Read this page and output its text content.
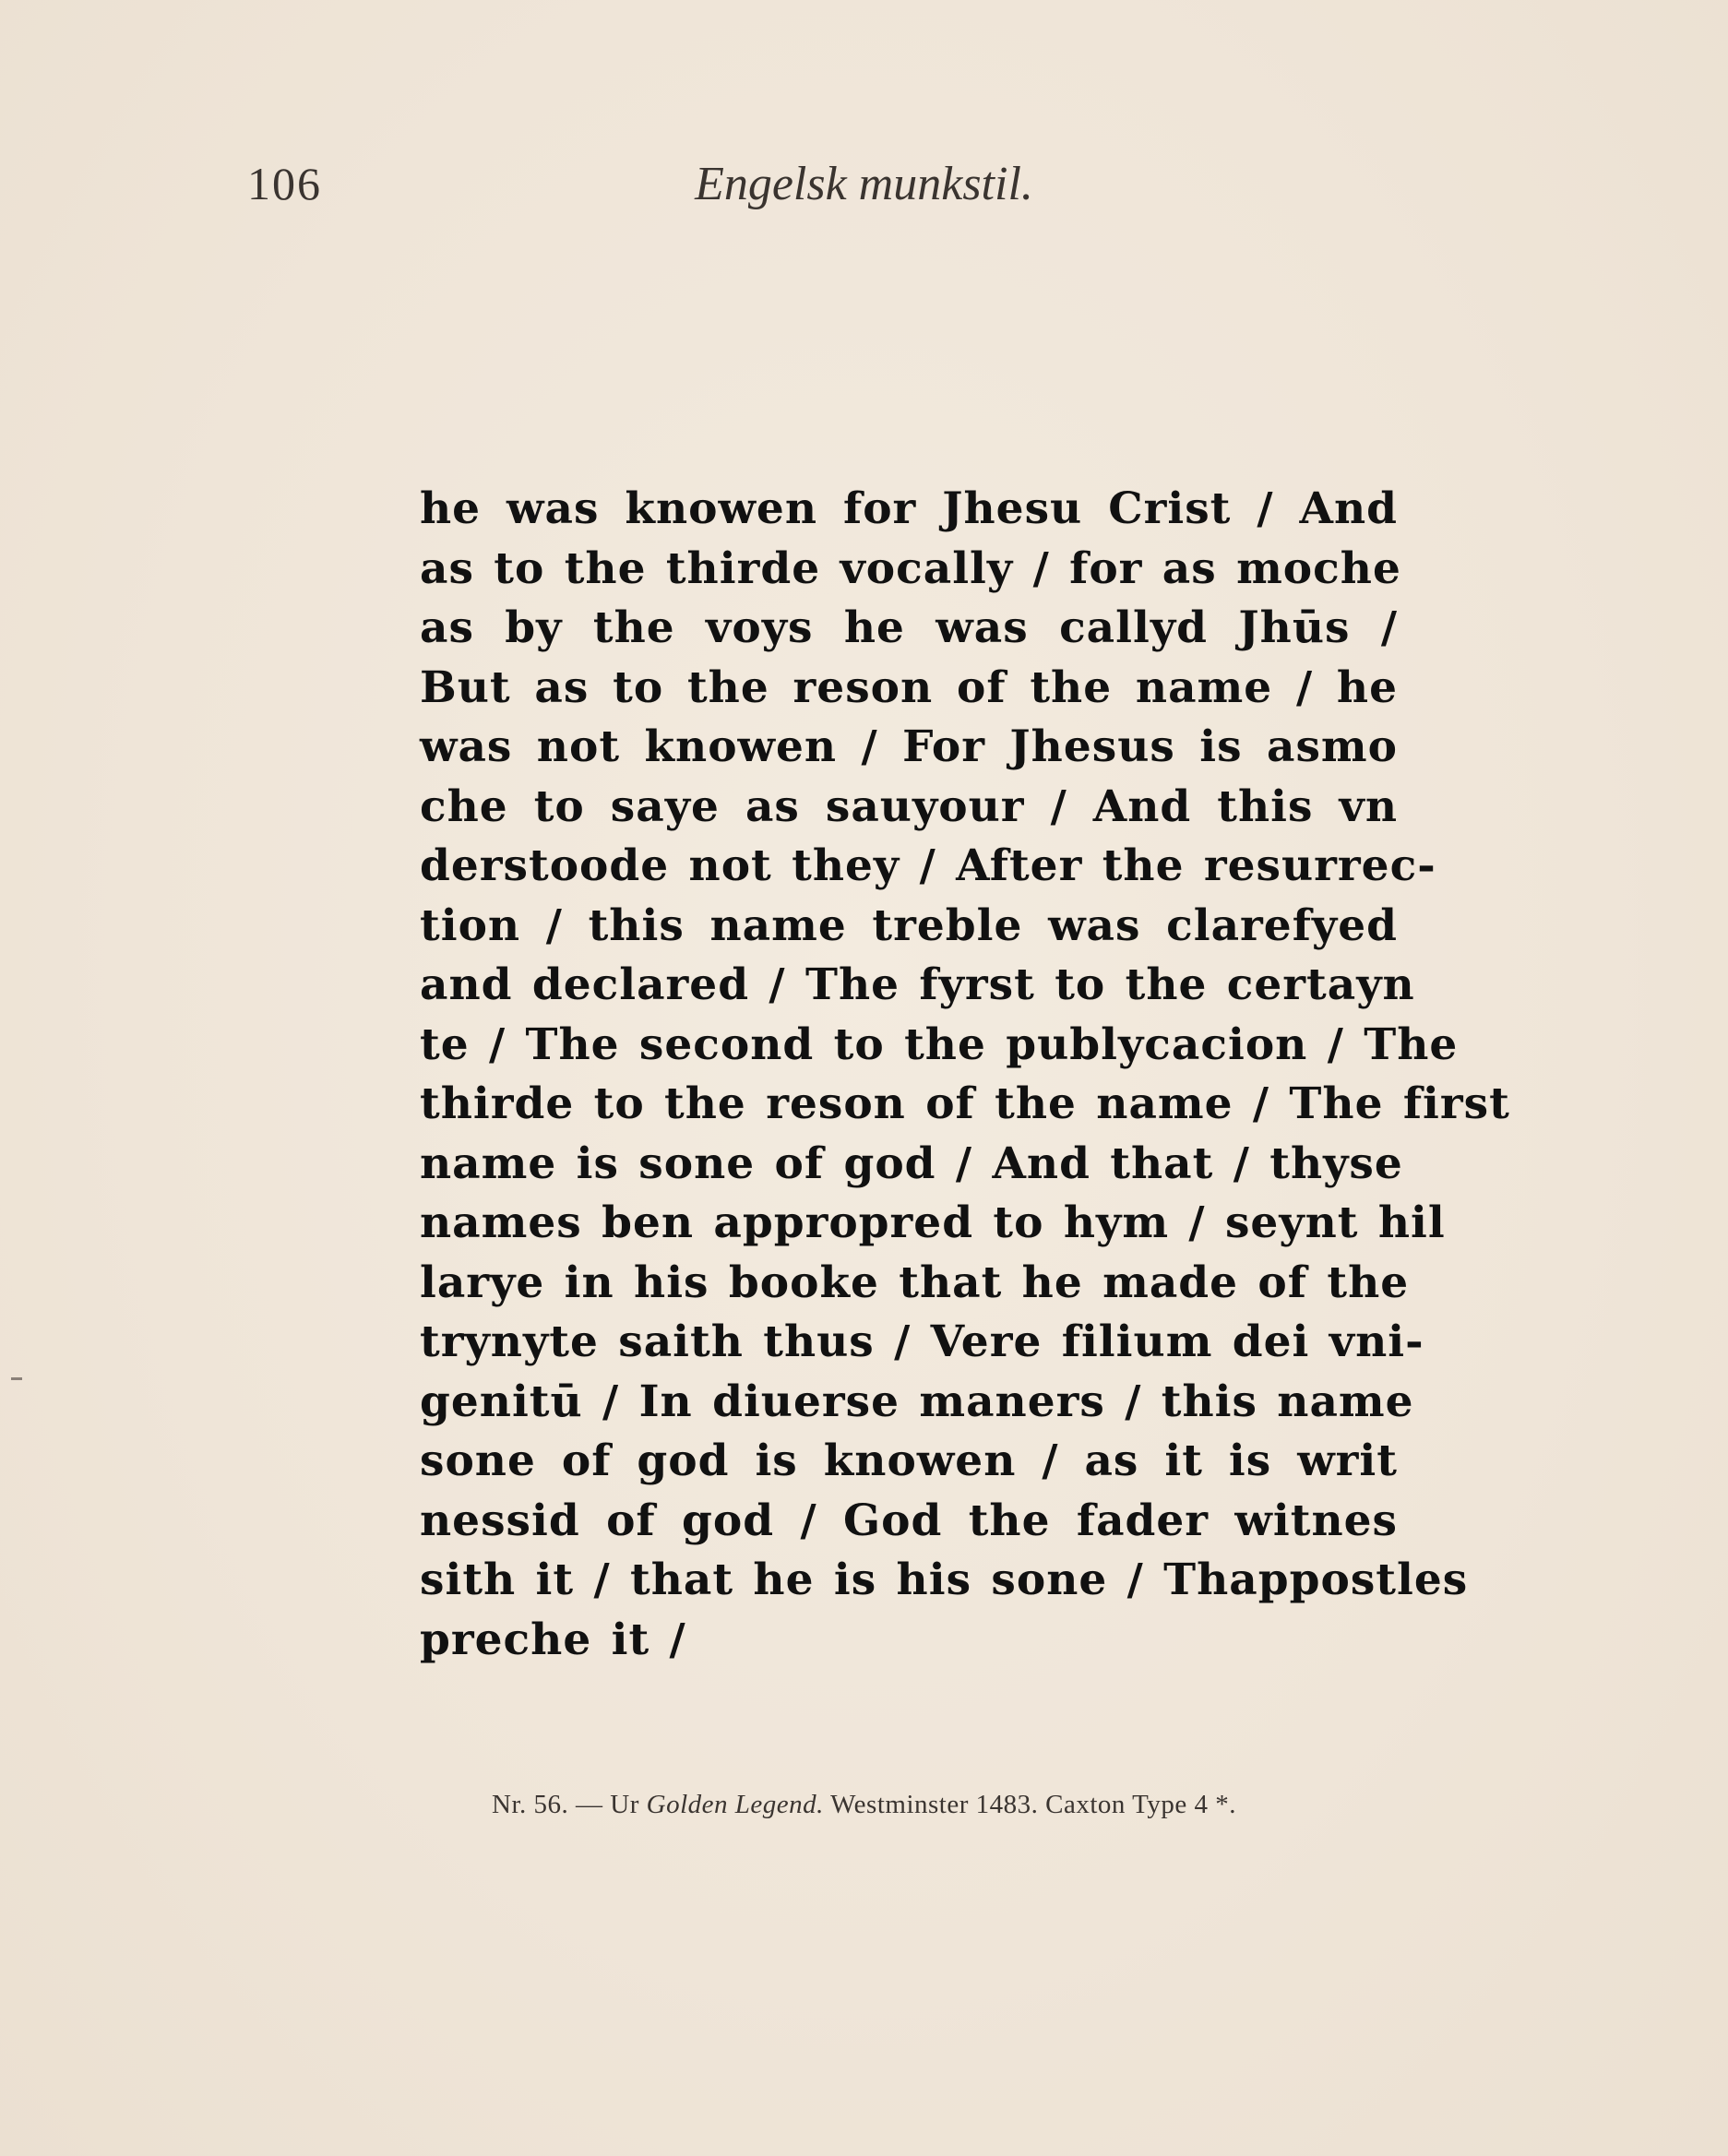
106	Engelsk munkstil.
he was knowen for Jhesu Crist / And
as to the thirde vocally / for as moche
as by the voys he was callyd Jhūs /
But as to the reson of the name / he
was not knowen / For Jhesus is asmo
che to saye as sauyour / And this vn
derstoode not they / After the resurrec-
tion / this name treble was clarefyed
and declared / The fyrst to the certayn
te / The second to the publycacion / The
thirde to the reson of the name / The first
name is sone of god / And that / thyse
names ben appropred to hym / seynt hil
larye in his booke that he made of the
trynyte saith thus / Vere filium dei vni-
genitū / In diuerse maners / this name
sone of god is knowen / as it is writ
nessid of god / God the fader witnes
sith it / that he is his sone / Thappostles
preche it /
Nr. 56. — Ur Golden Legend. Westminster 1483. Caxton Type 4 *.
